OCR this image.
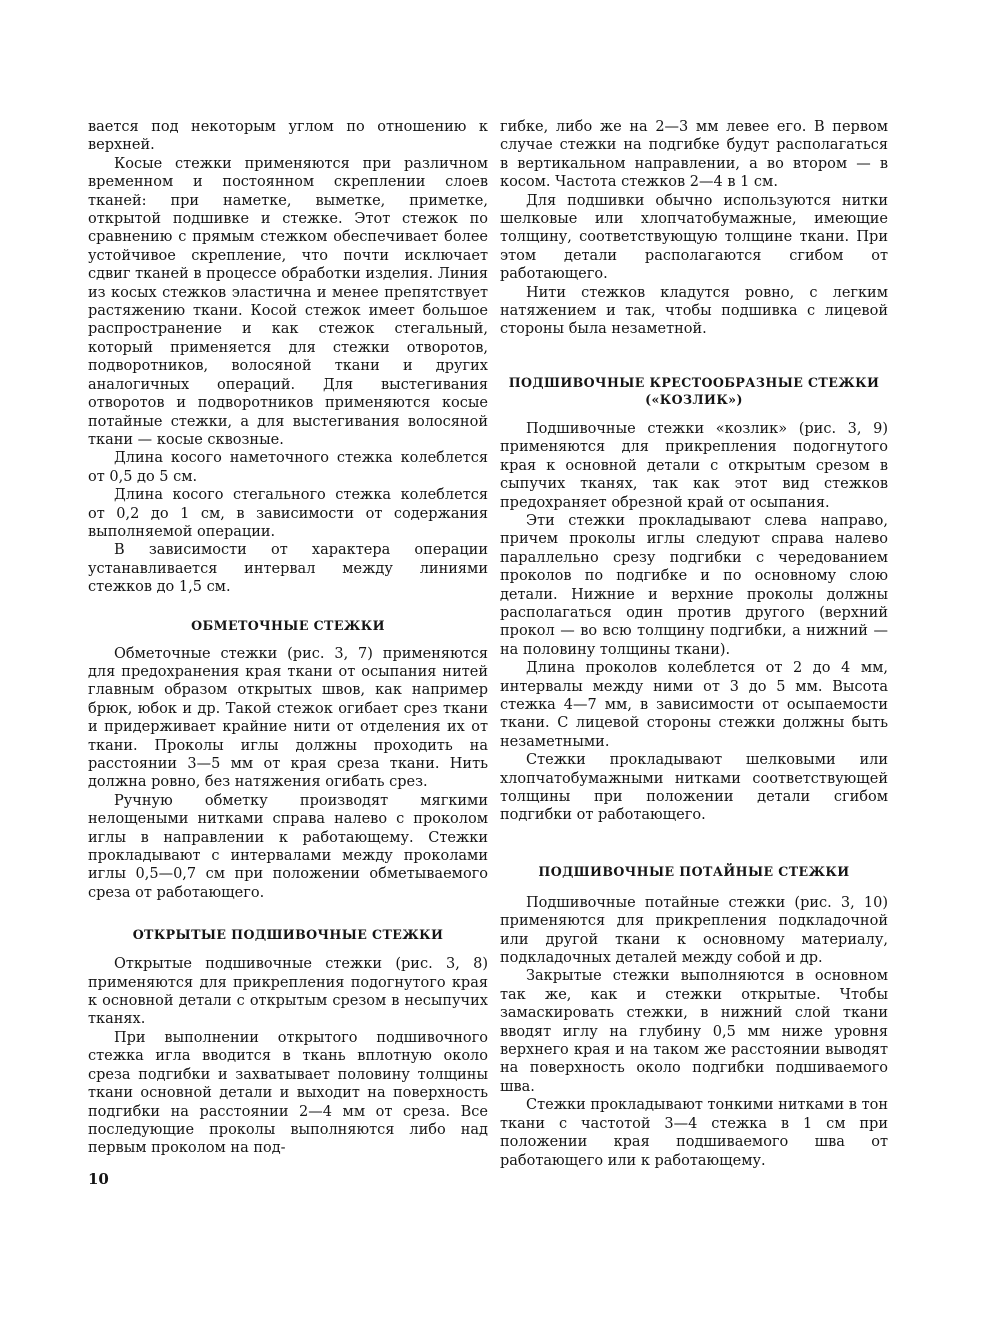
вается под некоторым углом по отношению к верхней.

Косые стежки применяются при различном временном и постоянном скреплении слоев тканей: при наметке, выметке, приметке, открытой подшивке и стежке. Этот стежок по сравнению с прямым стежком обеспечивает более устойчивое скрепление, что почти исключает сдвиг тканей в процессе обработки изделия. Линия из косых стежков эластична и менее препятствует растяжению ткани. Косой стежок имеет большое распространение и как стежок стегальный, который применяется для стежки отворотов, подворотников, волосяной ткани и других аналогичных операций. Для выстегивания отворотов и подворотников применяются косые потайные стежки, а для выстегивания волосяной ткани — косые сквозные.

Длина косого наметочного стежка колеблется от 0,5 до 5 см.

Длина косого стегального стежка колеблется от 0,2 до 1 см, в зависимости от содержания выполняемой операции.

В зависимости от характера операции устанавливается интервал между линиями стежков до 1,5 см.

ОБМЕТОЧНЫЕ СТЕЖКИ

Обметочные стежки (рис. 3, 7) применяются для предохранения края ткани от осыпания нитей главным образом открытых швов, как например брюк, юбок и др. Такой стежок огибает срез ткани и придерживает крайние нити от отделения их от ткани. Проколы иглы должны проходить на расстоянии 3—5 мм от края среза ткани. Нить должна ровно, без натяжения огибать срез.

Ручную обметку производят мягкими нелощеными нитками справа налево с проколом иглы в направлении к работающему. Стежки прокладывают с интервалами между проколами иглы 0,5—0,7 см при положении обметываемого среза от работающего.

ОТКРЫТЫЕ ПОДШИВОЧНЫЕ СТЕЖКИ

Открытые подшивочные стежки (рис. 3, 8) применяются для прикрепления подогнутого края к основной детали с открытым срезом в несыпучих тканях.

При выполнении открытого подшивочного стежка игла вводится в ткань вплотную около среза подгибки и захватывает половину толщины ткани основной детали и выходит на поверхность подгибки на расстоянии 2—4 мм от среза. Все последующие проколы выполняются либо над первым проколом на под-

гибке, либо же на 2—3 мм левее его. В первом случае стежки на подгибке будут располагаться в вертикальном направлении, а во втором — в косом. Частота стежков 2—4 в 1 см.

Для подшивки обычно используются нитки шелковые или хлопчатобумажные, имеющие толщину, соответствующую толщине ткани. При этом детали располагаются сгибом от работающего.

Нити стежков кладутся ровно, с легким натяжением и так, чтобы подшивка с лицевой стороны была незаметной.

ПОДШИВОЧНЫЕ КРЕСТООБРАЗНЫЕ СТЕЖКИ («КОЗЛИК»)

Подшивочные стежки «козлик» (рис. 3, 9) применяются для прикрепления подогнутого края к основной детали с открытым срезом в сыпучих тканях, так как этот вид стежков предохраняет обрезной край от осыпания.

Эти стежки прокладывают слева направо, причем проколы иглы следуют справа налево параллельно срезу подгибки с чередованием проколов по подгибке и по основному слою детали. Нижние и верхние проколы должны располагаться один против другого (верхний прокол — во всю толщину подгибки, а нижний — на половину толщины ткани).

Длина проколов колеблется от 2 до 4 мм, интервалы между ними от 3 до 5 мм. Высота стежка 4—7 мм, в зависимости от осыпаемости ткани. С лицевой стороны стежки должны быть незаметными.

Стежки прокладывают шелковыми или хлопчатобумажными нитками соответствующей толщины при положении детали сгибом подгибки от работающего.

ПОДШИВОЧНЫЕ ПОТАЙНЫЕ СТЕЖКИ

Подшивочные потайные стежки (рис. 3, 10) применяются для прикрепления подкладочной или другой ткани к основному материалу, подкладочных деталей между собой и др.

Закрытые стежки выполняются в основном так же, как и стежки открытые. Чтобы замаскировать стежки, в нижний слой ткани вводят иглу на глубину 0,5 мм ниже уровня верхнего края и на таком же расстоянии выводят на поверхность около подгибки подшиваемого шва.

Стежки прокладывают тонкими нитками в тон ткани с частотой 3—4 стежка в 1 см при положении края подшиваемого шва от работающего или к работающему.

10
